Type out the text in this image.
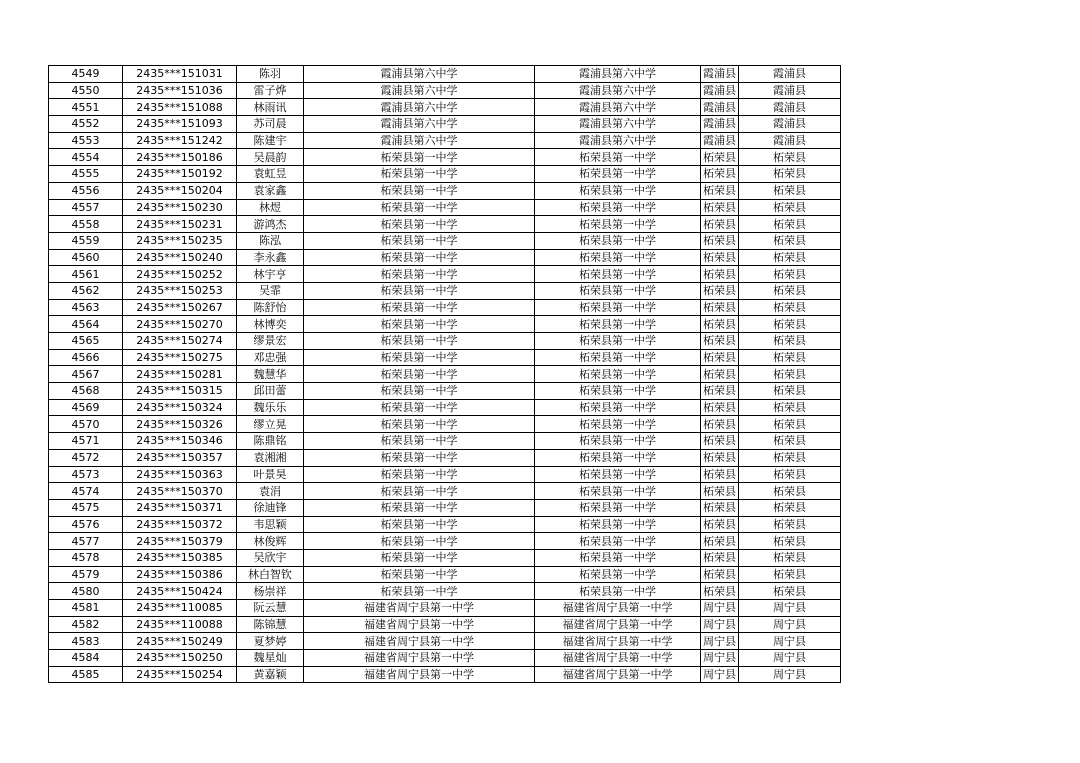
4549	2435***151031	陈羽	霞浦县第六中学	霞浦县第六中学	霞浦县	霞浦县
4550	2435***151036	雷子烨	霞浦县第六中学	霞浦县第六中学	霞浦县	霞浦县
4551	2435***151088	林雨讯	霞浦县第六中学	霞浦县第六中学	霞浦县	霞浦县
4552	2435***151093	苏司晨	霞浦县第六中学	霞浦县第六中学	霞浦县	霞浦县
4553	2435***151242	陈建宇	霞浦县第六中学	霞浦县第六中学	霞浦县	霞浦县
4554	2435***150186	吴晨韵	柘荣县第一中学	柘荣县第一中学	柘荣县	柘荣县
4555	2435***150192	袁虹昱	柘荣县第一中学	柘荣县第一中学	柘荣县	柘荣县
4556	2435***150204	袁家鑫	柘荣县第一中学	柘荣县第一中学	柘荣县	柘荣县
4557	2435***150230	林煜	柘荣县第一中学	柘荣县第一中学	柘荣县	柘荣县
4558	2435***150231	游鸿杰	柘荣县第一中学	柘荣县第一中学	柘荣县	柘荣县
4559	2435***150235	陈泓	柘荣县第一中学	柘荣县第一中学	柘荣县	柘荣县
4560	2435***150240	李永鑫	柘荣县第一中学	柘荣县第一中学	柘荣县	柘荣县
4561	2435***150252	林宇亨	柘荣县第一中学	柘荣县第一中学	柘荣县	柘荣县
4562	2435***150253	吴霏	柘荣县第一中学	柘荣县第一中学	柘荣县	柘荣县
4563	2435***150267	陈舒怡	柘荣县第一中学	柘荣县第一中学	柘荣县	柘荣县
4564	2435***150270	林博奕	柘荣县第一中学	柘荣县第一中学	柘荣县	柘荣县
4565	2435***150274	缪景宏	柘荣县第一中学	柘荣县第一中学	柘荣县	柘荣县
4566	2435***150275	邓忠强	柘荣县第一中学	柘荣县第一中学	柘荣县	柘荣县
4567	2435***150281	魏慧华	柘荣县第一中学	柘荣县第一中学	柘荣县	柘荣县
4568	2435***150315	邱田蕾	柘荣县第一中学	柘荣县第一中学	柘荣县	柘荣县
4569	2435***150324	魏乐乐	柘荣县第一中学	柘荣县第一中学	柘荣县	柘荣县
4570	2435***150326	缪立晃	柘荣县第一中学	柘荣县第一中学	柘荣县	柘荣县
4571	2435***150346	陈鼎铭	柘荣县第一中学	柘荣县第一中学	柘荣县	柘荣县
4572	2435***150357	袁湘湘	柘荣县第一中学	柘荣县第一中学	柘荣县	柘荣县
4573	2435***150363	叶景昊	柘荣县第一中学	柘荣县第一中学	柘荣县	柘荣县
4574	2435***150370	袁涓	柘荣县第一中学	柘荣县第一中学	柘荣县	柘荣县
4575	2435***150371	徐迪锋	柘荣县第一中学	柘荣县第一中学	柘荣县	柘荣县
4576	2435***150372	韦思颖	柘荣县第一中学	柘荣县第一中学	柘荣县	柘荣县
4577	2435***150379	林俊辉	柘荣县第一中学	柘荣县第一中学	柘荣县	柘荣县
4578	2435***150385	吴欣宇	柘荣县第一中学	柘荣县第一中学	柘荣县	柘荣县
4579	2435***150386	林白智钦	柘荣县第一中学	柘荣县第一中学	柘荣县	柘荣县
4580	2435***150424	杨崇祥	柘荣县第一中学	柘荣县第一中学	柘荣县	柘荣县
4581	2435***110085	阮云慧	福建省周宁县第一中学	福建省周宁县第一中学	周宁县	周宁县
4582	2435***110088	陈锦慧	福建省周宁县第一中学	福建省周宁县第一中学	周宁县	周宁县
4583	2435***150249	夏梦婷	福建省周宁县第一中学	福建省周宁县第一中学	周宁县	周宁县
4584	2435***150250	魏星灿	福建省周宁县第一中学	福建省周宁县第一中学	周宁县	周宁县
4585	2435***150254	黄嘉颖	福建省周宁县第一中学	福建省周宁县第一中学	周宁县	周宁县
